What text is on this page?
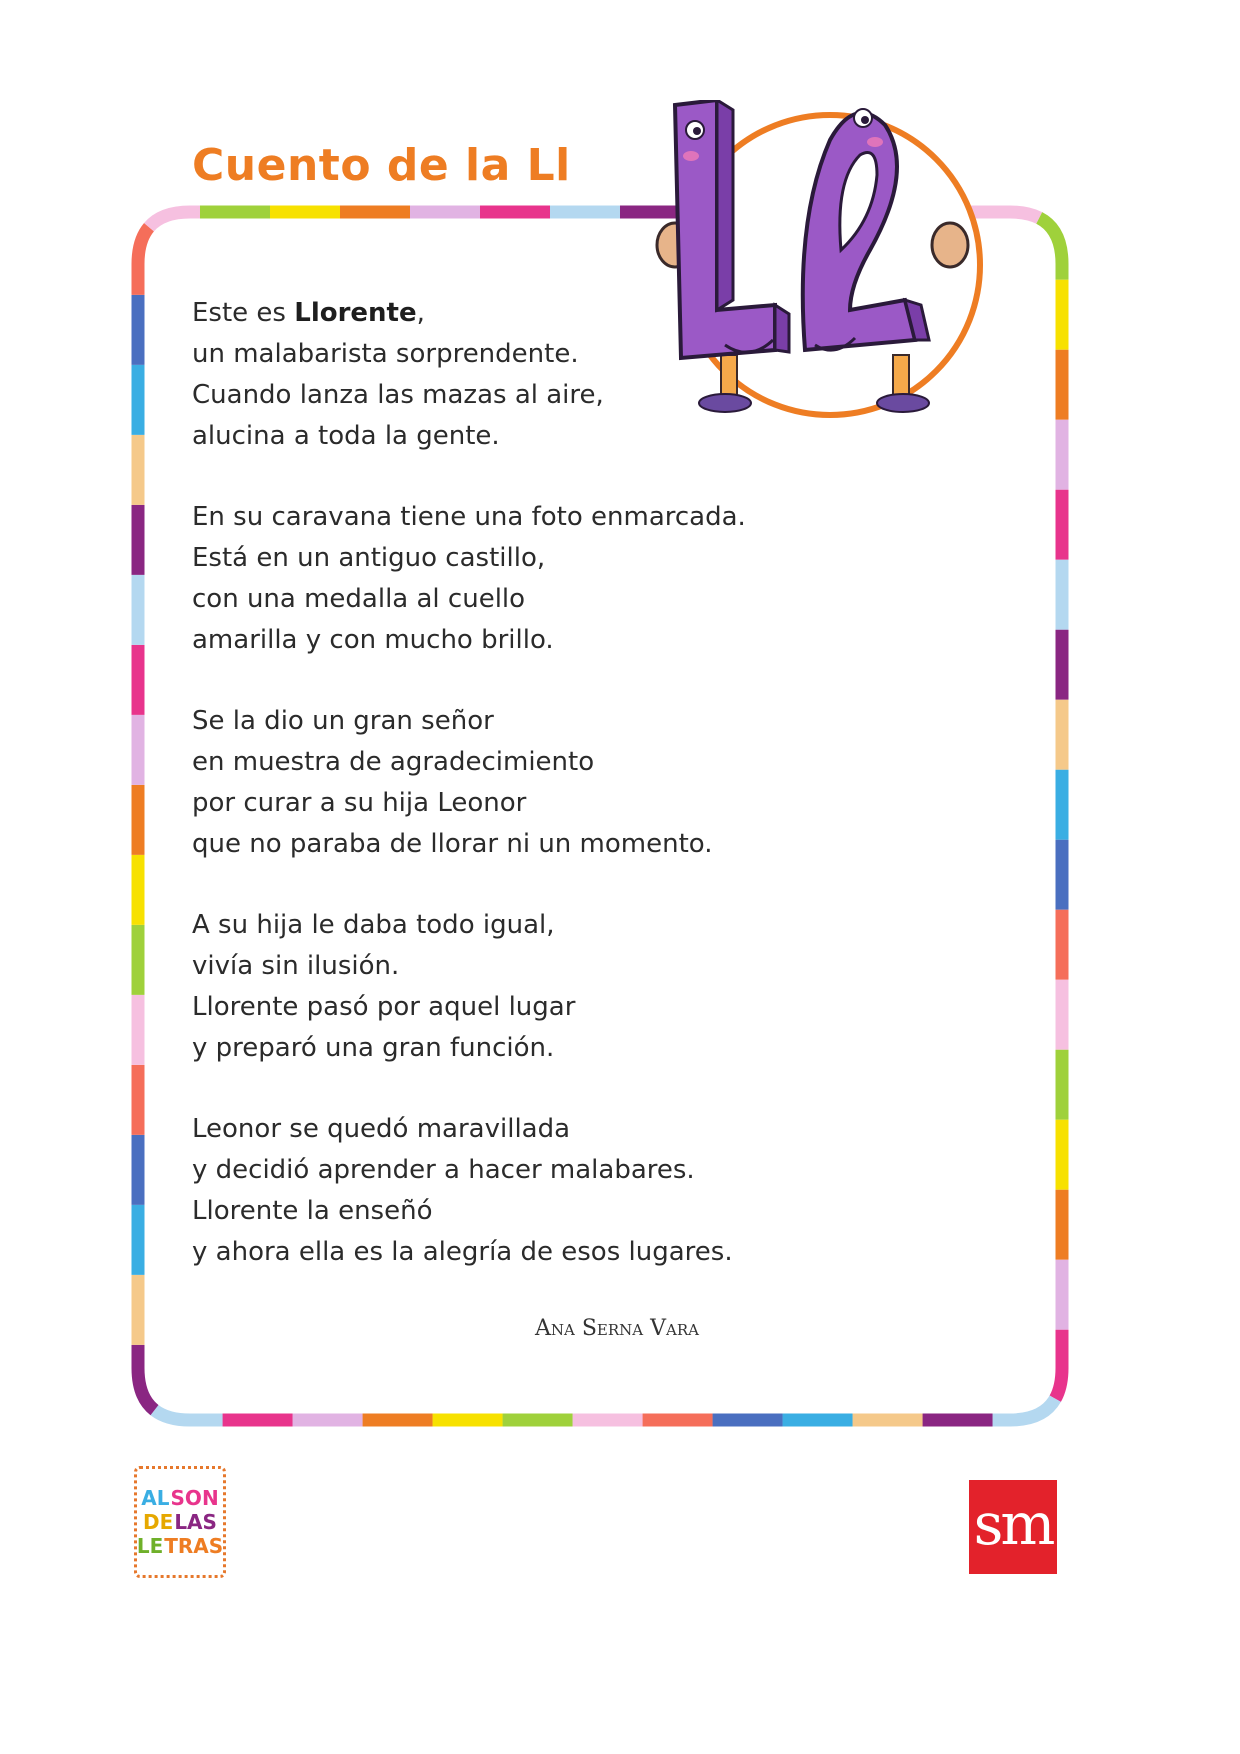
Cuento de la Ll
Este es Llorente,
un malabarista sorprendente.
Cuando lanza las mazas al aire,
alucina a toda la gente.
En su caravana tiene una foto enmarcada.
Está en un antiguo castillo,
con una medalla al cuello
amarilla y con mucho brillo.
Se la dio un gran señor
en muestra de agradecimiento
por curar a su hija Leonor
que no paraba de llorar ni un momento.
A su hija le daba todo igual,
vivía sin ilusión.
Llorente pasó por aquel lugar
y preparó una gran función.
Leonor se quedó maravillada
y decidió aprender a hacer malabares.
Llorente la enseñó
y ahora ella es la alegría de esos lugares.
Ana Serna Vara
AL SON
DE LAS
LE TRAS	sm
